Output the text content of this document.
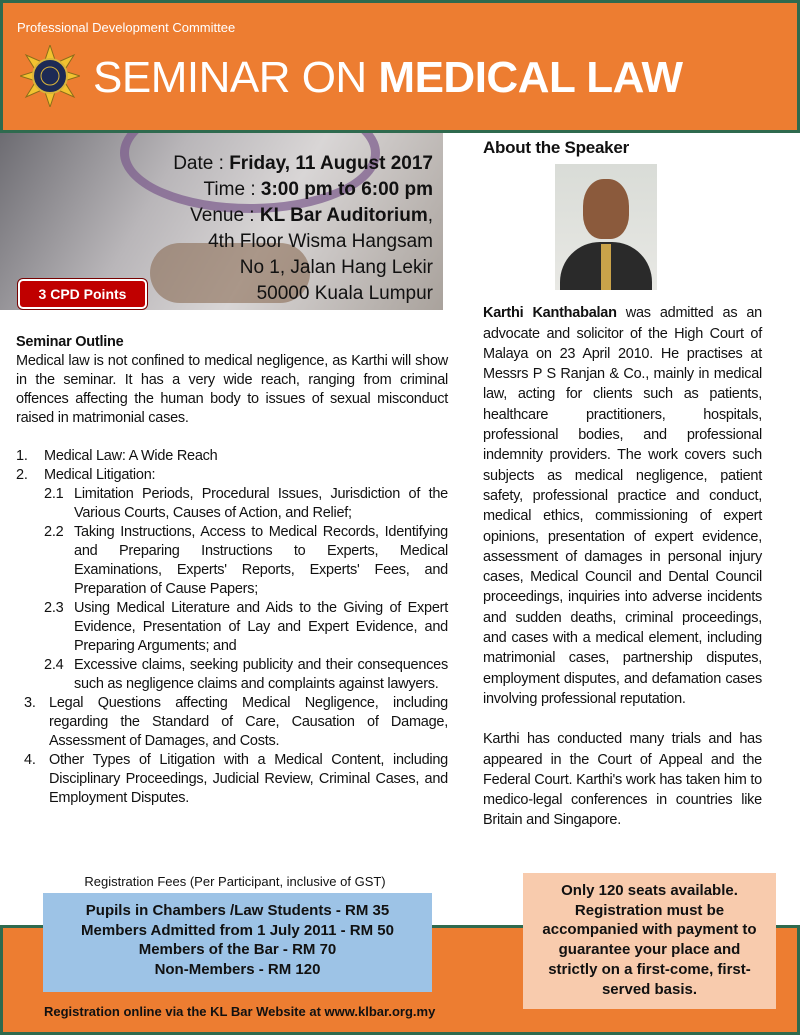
Professional Development Committee
SEMINAR ON MEDICAL LAW
Date : Friday, 11 August 2017
Time : 3:00 pm to 6:00 pm
Venue : KL Bar Auditorium,
4th Floor Wisma Hangsam
No 1, Jalan Hang Lekir
50000 Kuala Lumpur
3 CPD Points
Seminar Outline

Medical law is not confined to medical negligence, as Karthi will show in the seminar. It has a very wide reach, ranging from criminal offences affecting the human body to issues of sexual misconduct raised in matrimonial cases.

1.	Medical Law: A Wide Reach
2.	Medical Litigation:
2.1 Limitation Periods, Procedural Issues, Jurisdiction of the Various Courts, Causes of Action, and Relief;
2.2 Taking Instructions, Access to Medical Records, Identifying and Preparing Instructions to Experts, Medical Examinations, Experts' Reports, Experts' Fees, and Preparation of Cause Papers;
2.3 Using Medical Literature and Aids to the Giving of Expert Evidence, Presentation of Lay and Expert Evidence, and Preparing Arguments; and
2.4 Excessive claims, seeking publicity and their consequences such as negligence claims and complaints against lawyers.
3. Legal Questions affecting Medical Negligence, including regarding the Standard of Care, Causation of Damage, Assessment of Damages, and Costs.
4. Other Types of Litigation with a Medical Content, including Disciplinary Proceedings, Judicial Review, Criminal Cases, and Employment Disputes.
About the Speaker

Karthi Kanthabalan was admitted as an advocate and solicitor of the High Court of Malaya on 23 April 2010. He practises at Messrs P S Ranjan & Co., mainly in medical law, acting for clients such as patients, healthcare practitioners, hospitals, professional bodies, and professional indemnity providers. The work covers such subjects as medical negligence, patient safety, professional practice and conduct, medical ethics, commissioning of expert opinions, presentation of expert evidence, assessment of damages in personal injury cases, Medical Council and Dental Council proceedings, inquiries into adverse incidents and sudden deaths, criminal proceedings, and cases with a medical element, including matrimonial cases, partnership disputes, employment disputes, and defamation cases involving professional reputation.

Karthi has conducted many trials and has appeared in the Court of Appeal and the Federal Court. Karthi's work has taken him to medico-legal conferences in countries like Britain and Singapore.

Registration Fees (Per Participant, inclusive of GST)
Pupils in Chambers /Law Students - RM 35
Members Admitted from 1 July 2011 - RM 50
Members of the Bar - RM 70
Non-Members - RM 120
Registration online via the KL Bar Website at www.klbar.org.my
Only 120 seats available. Registration must be accompanied with payment to guarantee your place and strictly on a first-come, first-served basis.
